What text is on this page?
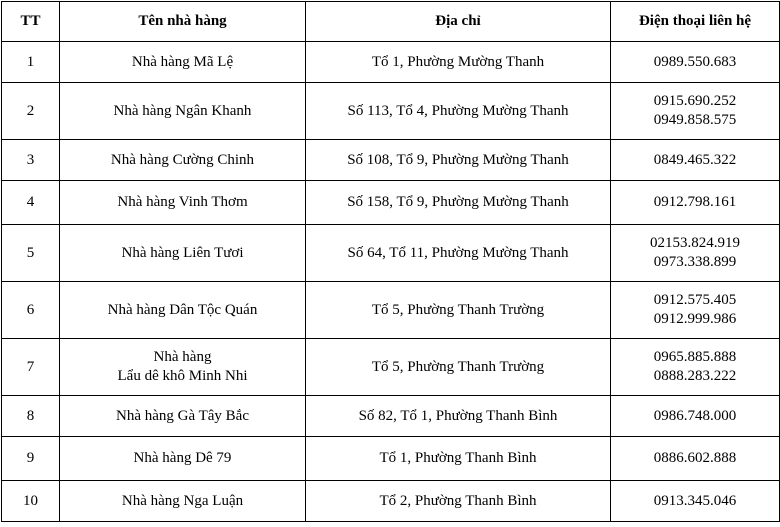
TT	Tên nhà hàng	Địa chỉ	Điện thoại liên hệ
1	Nhà hàng Mã Lệ	Tổ 1, Phường Mường Thanh	0989.550.683

2	Nhà hàng Ngân Khanh	Số 113, Tổ 4, Phường Mường Thanh	0915.690.252
0949.858.575

3	Nhà hàng Cường Chinh	Số 108, Tổ 9, Phường Mường Thanh	0849.465.322

4	Nhà hàng Vinh Thơm	Số 158, Tổ 9, Phường Mường Thanh	0912.798.161

5	Nhà hàng Liên Tươi	Số 64, Tổ 11, Phường Mường Thanh	02153.824.919
0973.338.899

6	Nhà hàng Dân Tộc Quán	Tổ 5, Phường Thanh Trường	0912.575.405
0912.999.986

7	Nhà hàng
Lẩu dê khô Minh Nhi	Tổ 5, Phường Thanh Trường	0965.885.888
0888.283.222

8	Nhà hàng Gà Tây Bắc	Số 82, Tổ 1, Phường Thanh Bình	0986.748.000

9	Nhà hàng Dê 79	Tổ 1, Phường Thanh Bình	0886.602.888

10	Nhà hàng Nga Luận	Tổ 2, Phường Thanh Bình	0913.345.046
